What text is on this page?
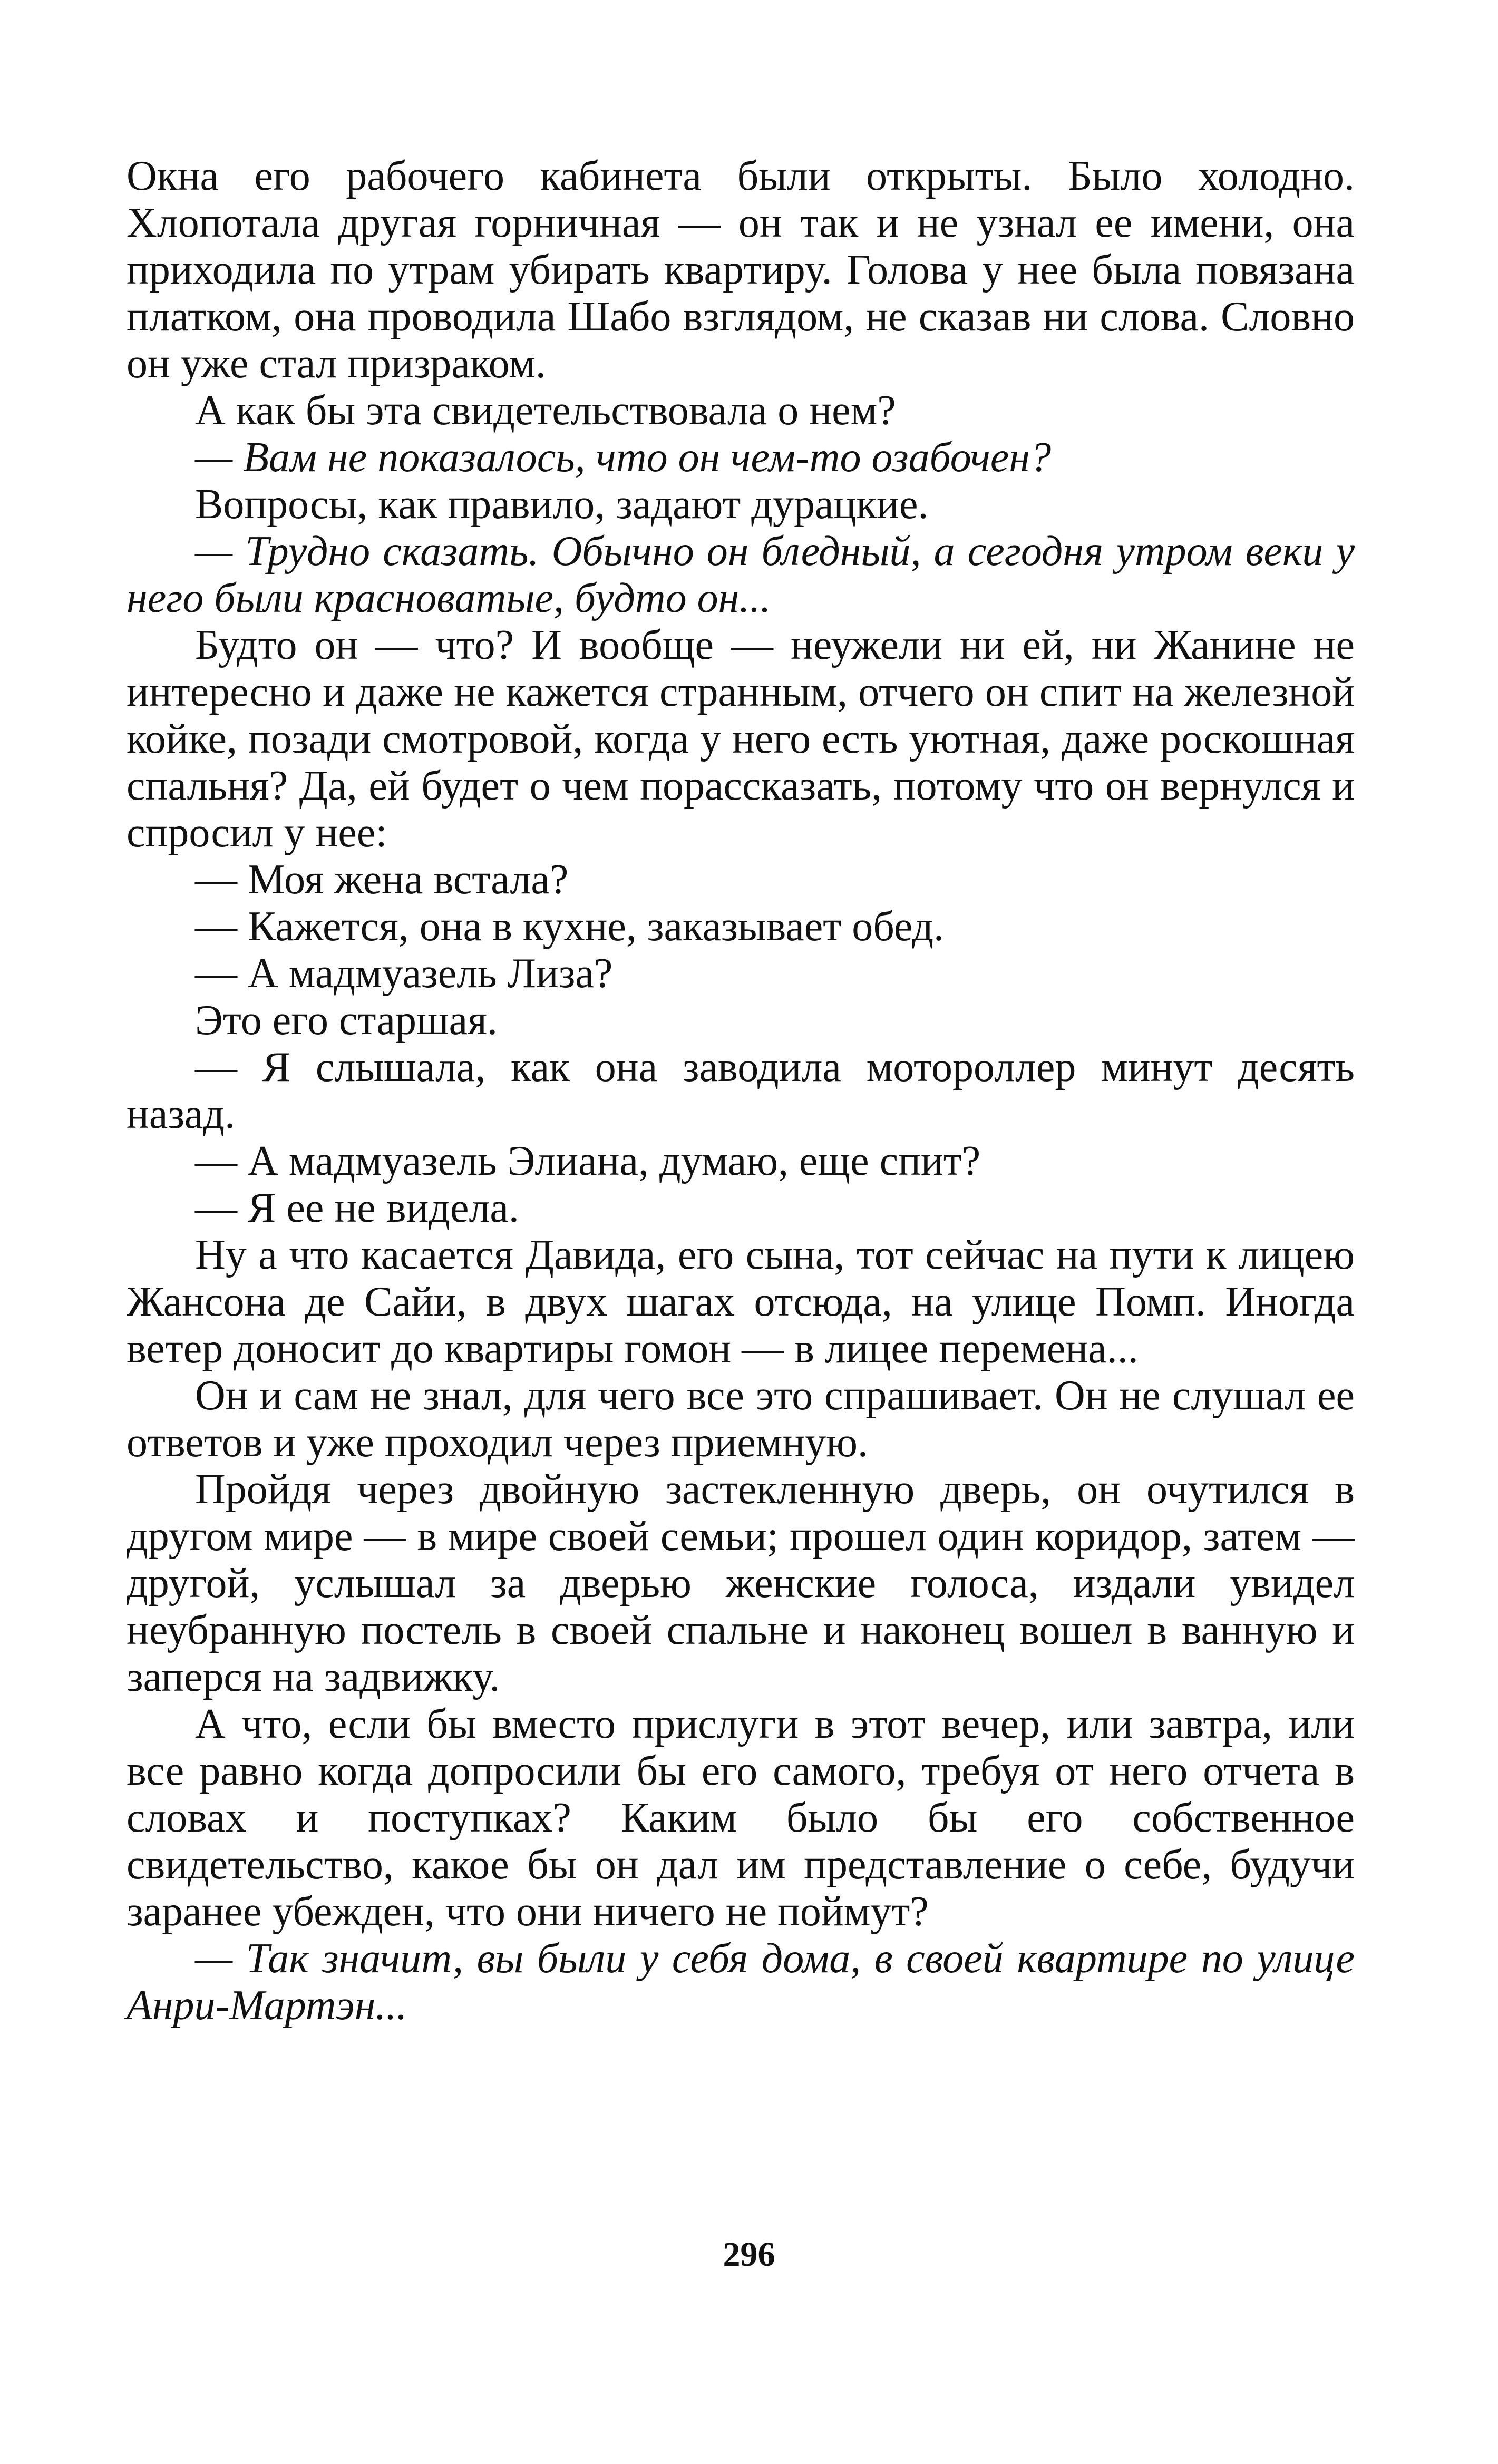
Окна его рабочего кабинета были открыты. Было холодно. Хлопотала другая горничная — он так и не узнал ее имени, она приходила по утрам убирать квартиру. Голова у нее была повязана платком, она проводила Шабо взглядом, не сказав ни слова. Словно он уже стал призраком.

А как бы эта свидетельствовала о нем?

— Вам не показалось, что он чем-то озабочен?

Вопросы, как правило, задают дурацкие.

— Трудно сказать. Обычно он бледный, а сегодня утром веки у него были красноватые, будто он...

Будто он — что? И вообще — неужели ни ей, ни Жанине не интересно и даже не кажется странным, отчего он спит на железной койке, позади смотровой, когда у него есть уютная, даже роскошная спальня? Да, ей будет о чем порассказать, потому что он вернулся и спросил у нее:

— Моя жена встала?

— Кажется, она в кухне, заказывает обед.

— А мадмуазель Лиза?

Это его старшая.

— Я слышала, как она заводила мотороллер минут десять назад.

— А мадмуазель Элиана, думаю, еще спит?

— Я ее не видела.

Ну а что касается Давида, его сына, тот сейчас на пути к лицею Жансона де Сайи, в двух шагах отсюда, на улице Помп. Иногда ветер доносит до квартиры гомон — в лицее перемена...

Он и сам не знал, для чего все это спрашивает. Он не слушал ее ответов и уже проходил через приемную.

Пройдя через двойную застекленную дверь, он очутился в другом мире — в мире своей семьи; прошел один коридор, затем — другой, услышал за дверью женские голоса, издали увидел неубранную постель в своей спальне и наконец вошел в ванную и заперся на задвижку.

А что, если бы вместо прислуги в этот вечер, или завтра, или все равно когда допросили бы его самого, требуя от него отчета в словах и поступках? Каким было бы его собственное свидетельство, какое бы он дал им представление о себе, будучи заранее убежден, что они ничего не поймут?

— Так значит, вы были у себя дома, в своей квартире по улице Анри-Мартэн...

296
